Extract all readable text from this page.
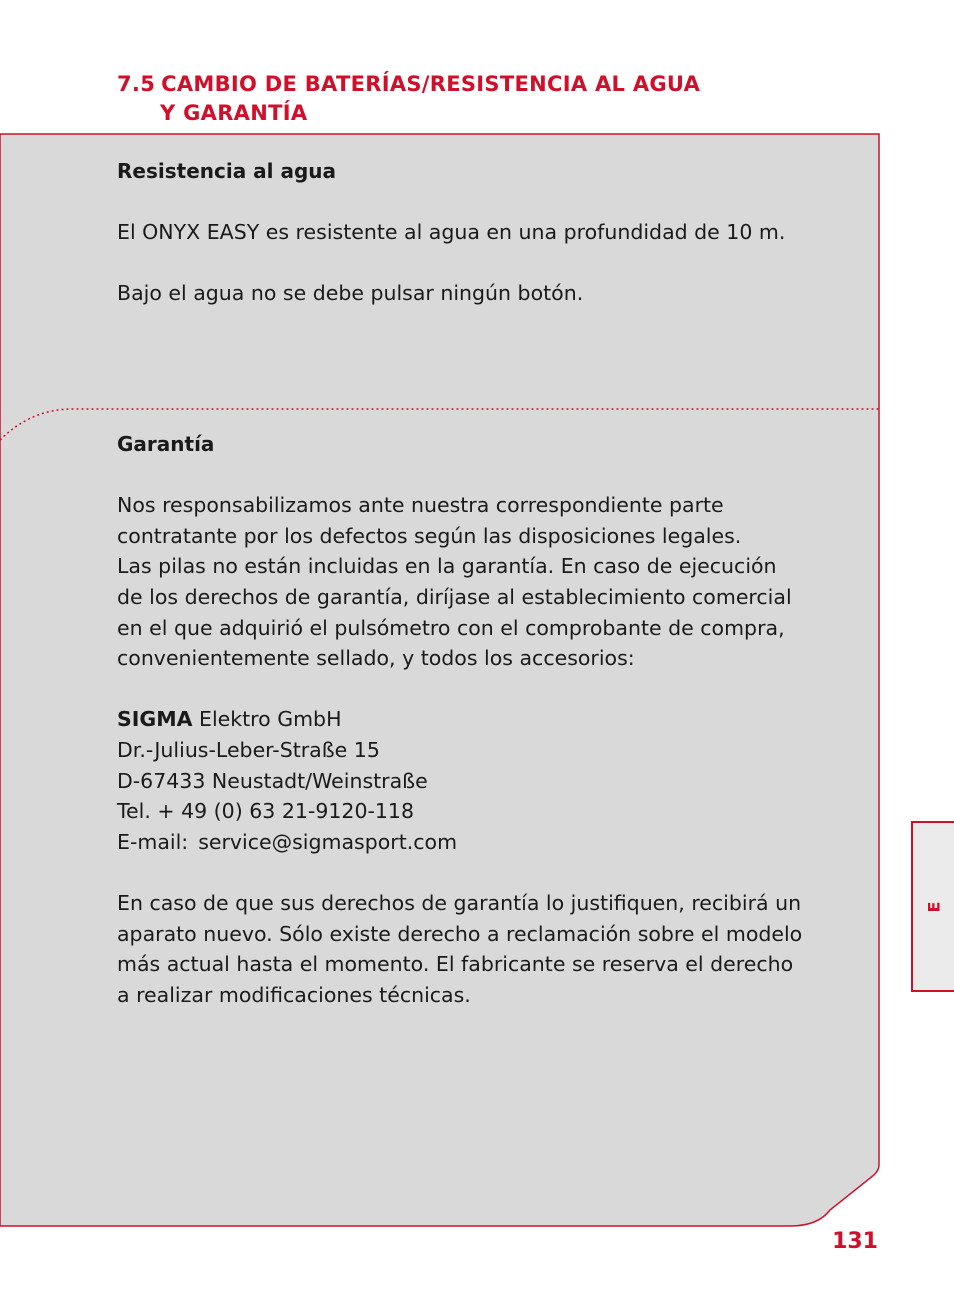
7.5 CAMBIO DE BATERÍAS/RESISTENCIA AL AGUA
Y GARANTÍA

Resistencia al agua

El ONYX EASY es resistente al agua en una profundidad de 10 m.

Bajo el agua no se debe pulsar ningún botón.

Garantía

Nos responsabilizamos ante nuestra correspondiente parte

contratante por los defectos según las disposiciones legales.

Las pilas no están incluidas en la garantía. En caso de ejecución

de los derechos de garantía, diríjase al establecimiento comercial

en el que adquirió el pulsómetro con el comprobante de compra,

convenientemente sellado, y todos los accesorios:

SIGMA Elektro GmbH

Dr.-Julius-Leber-Straße 15

D-67433 Neustadt/Weinstraße

Tel. + 49 (0) 63 21-9120-118

E-mail: service@sigmasport.com

En caso de que sus derechos de garantía lo justifiquen, recibirá un

aparato nuevo. Sólo existe derecho a reclamación sobre el modelo

más actual hasta el momento. El fabricante se reserva el derecho

a realizar modificaciones técnicas.

E
131
